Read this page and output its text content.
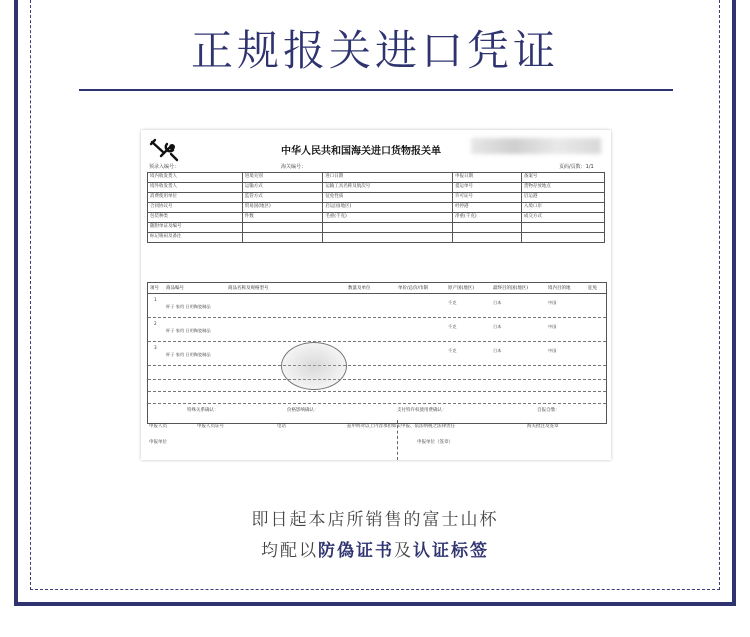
正规报关进口凭证
中华人民共和国海关进口货物报关单
预录入编号：	海关编号：	页码/页数：1/1
境内收发货人	进境关别	进口日期	申报日期	备案号
境外收发货人	运输方式	运输工具名称及航次号	提运单号	货物存放地点
消费使用单位	监管方式	征免性质	许可证号	启运港
合同协议号	贸易国(地区)	启运国(地区)	经停港	入境口岸
包装种类	件数	毛重(千克)	净重(千克)	成交方式
随附单证及编号				
标记唛码及备注				
项号 商品编号	商品名称及规格型号	数量及单位	单价/总价/币制	原产国(地区)	最终目的国(地区)	境内目的地	征免
1
杯子 家用 日用陶瓷制品
千克	日本	中国
2
杯子 家用 日用陶瓷制品
千克	日本	中国
3
杯子 家用 日用陶瓷制品
千克	日本	中国
特殊关系确认：	价格影响确认：	支付特许权使用费确认：	自报自缴：
申报人员	申报人员证号	电话	兹申明对以上内容承担如实申报、依法纳税之法律责任	海关批注及签章
申报单位	申报单位（签章）
即日起本店所销售的富士山杯
均配以防偽证书及认证标签
